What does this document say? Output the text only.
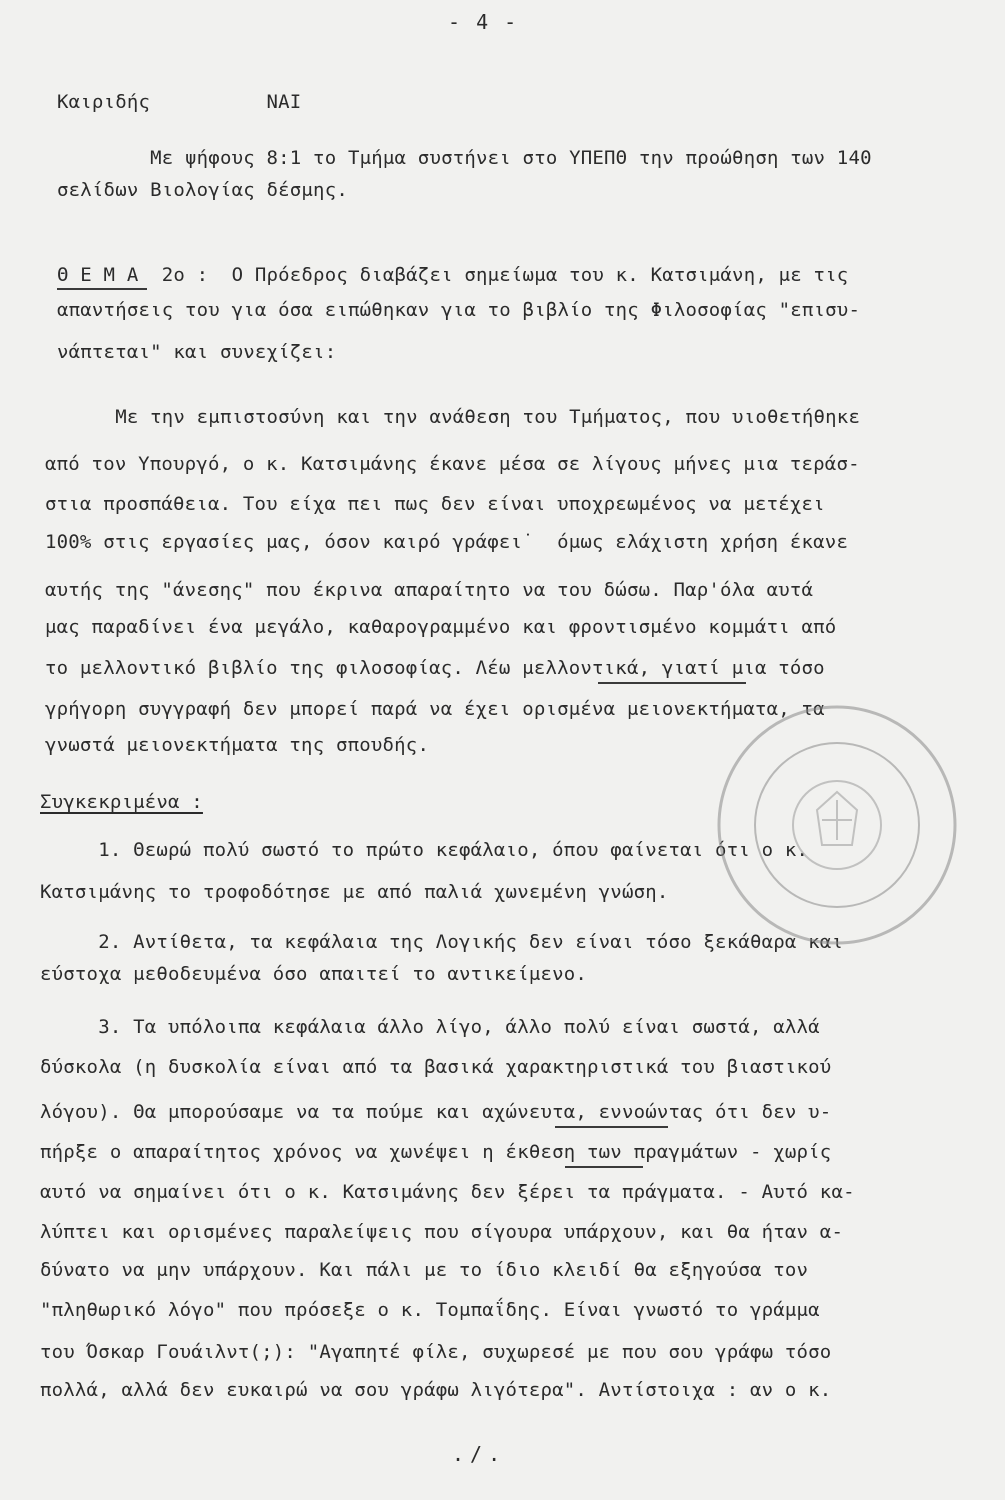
- 4 -
Καιριδής          ΝΑΙ
Με ψήφους 8:1 το Τμήμα συστήνει στο ΥΠΕΠΘ την προώθηση των 140
σελίδων Βιολογίας δέσμης.
Θ Ε Μ Α  2ο :  Ο Πρόεδρος διαβάζει σημείωμα του κ. Κατσιμάνη, με τις
απαντήσεις του για όσα ειπώθηκαν για το βιβλίο της Φιλοσοφίας "επισυ-
νάπτεται" και συνεχίζει:
Με την εμπιστοσύνη και την ανάθεση του Τμήματος, που υιοθετήθηκε
από τον Υπουργό, ο κ. Κατσιμάνης έκανε μέσα σε λίγους μήνες μια τεράσ-
στια προσπάθεια. Του είχα πει πως δεν είναι υποχρεωμένος να μετέχει
100% στις εργασίες μας, όσον καιρό γράφει˙  όμως ελάχιστη χρήση έκανε
αυτής της "άνεσης" που έκρινα απαραίτητο να του δώσω. Παρ'όλα αυτά
μας παραδίνει ένα μεγάλο, καθαρογραμμένο και φροντισμένο κομμάτι από
το μελλοντικό βιβλίο της φιλοσοφίας. Λέω μελλοντικά, γιατί μια τόσο
γρήγορη συγγραφή δεν μπορεί παρά να έχει ορισμένα μειονεκτήματα, τα
γνωστά μειονεκτήματα της σπουδής.
Συγκεκριμένα :
1. Θεωρώ πολύ σωστό το πρώτο κεφάλαιο, όπου φαίνεται ότι ο κ.
Κατσιμάνης το τροφοδότησε με από παλιά χωνεμένη γνώση.
2. Αντίθετα, τα κεφάλαια της Λογικής δεν είναι τόσο ξεκάθαρα και
εύστοχα μεθοδευμένα όσο απαιτεί το αντικείμενο.
3. Τα υπόλοιπα κεφάλαια άλλο λίγο, άλλο πολύ είναι σωστά, αλλά
δύσκολα (η δυσκολία είναι από τα βασικά χαρακτηριστικά του βιαστικού
λόγου). Θα μπορούσαμε να τα πούμε και αχώνευτα, εννοώντας ότι δεν υ-
πήρξε ο απαραίτητος χρόνος να χωνέψει η έκθεση των πραγμάτων - χωρίς
αυτό να σημαίνει ότι ο κ. Κατσιμάνης δεν ξέρει τα πράγματα. - Αυτό κα-
λύπτει και ορισμένες παραλείψεις που σίγουρα υπάρχουν, και θα ήταν α-
δύνατο να μην υπάρχουν. Και πάλι με το ίδιο κλειδί θα εξηγούσα τον
"πληθωρικό λόγο" που πρόσεξε ο κ. Τομπαΐδης. Είναι γνωστό το γράμμα
του Όσκαρ Γουάιλντ(;): "Αγαπητέ φίλε, συχωρεσέ με που σου γράφω τόσο
πολλά, αλλά δεν ευκαιρώ να σου γράφω λιγότερα". Αντίστοιχα : αν ο κ.
./.
